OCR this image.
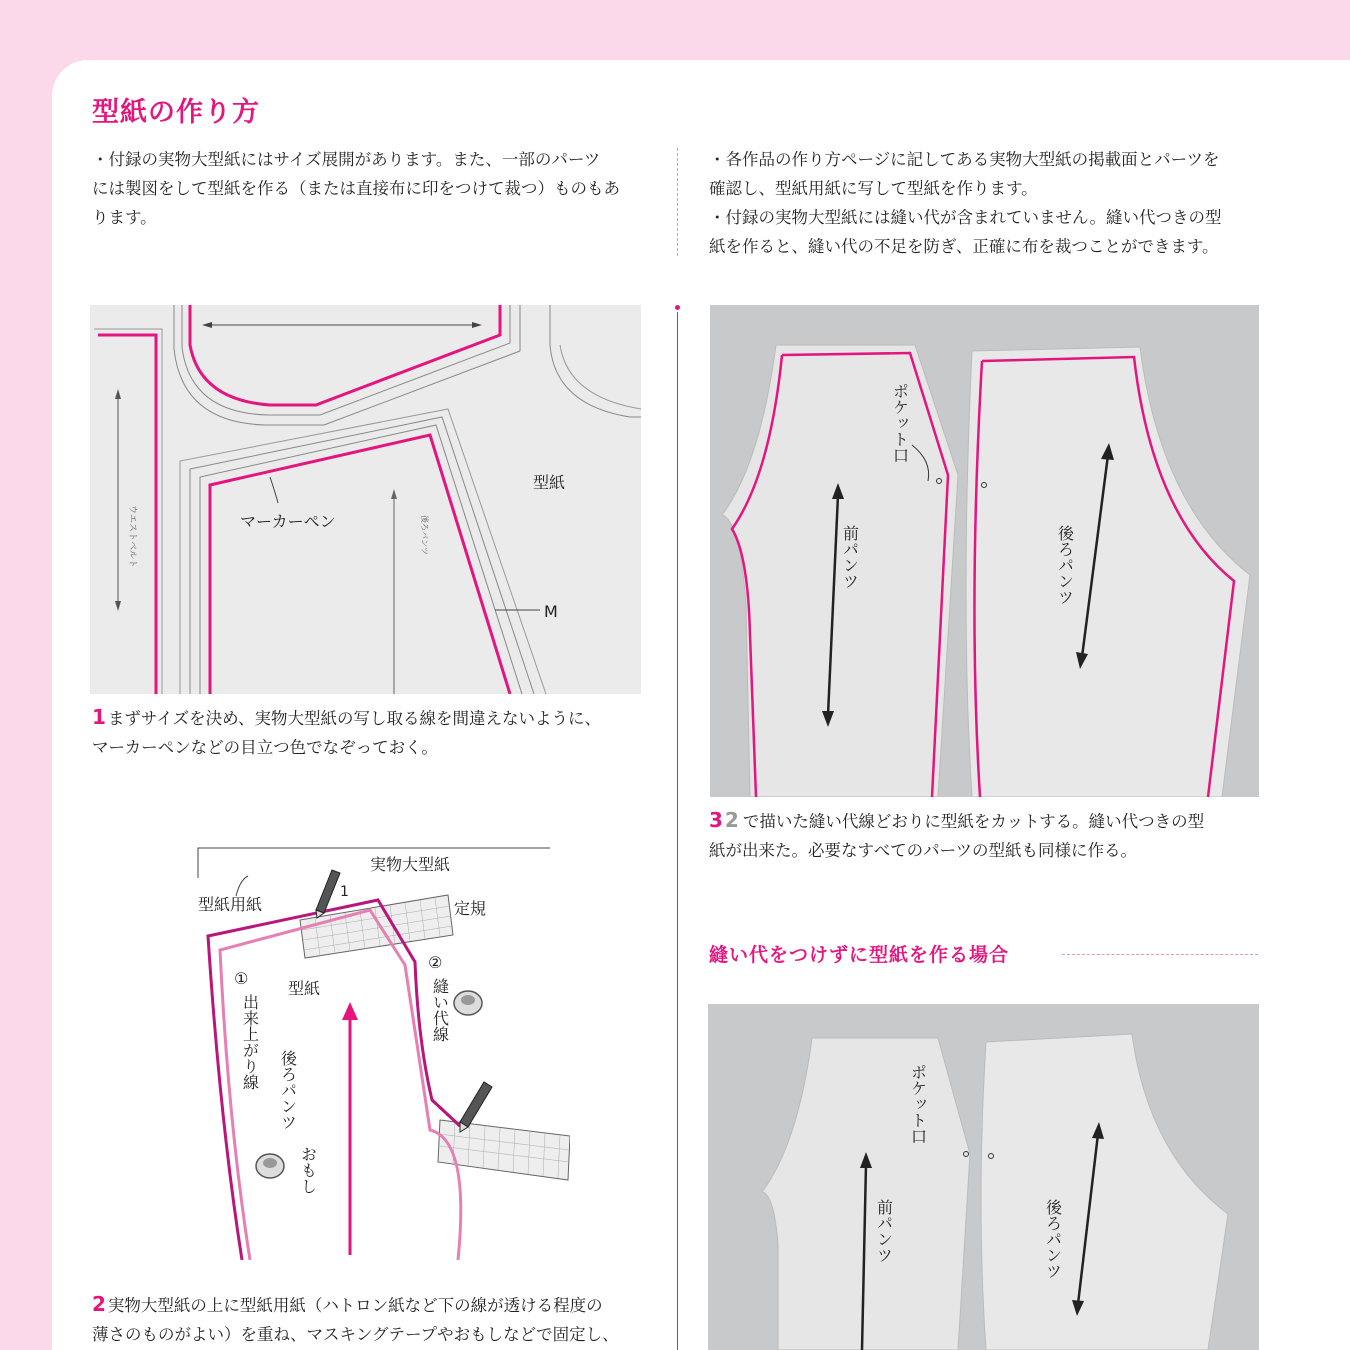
型紙の作り方

・付録の実物大型紙にはサイズ展開があります。また、一部のパーツ

には製図をして型紙を作る（または直接布に印をつけて裁つ）ものもあ

ります。

・各作品の作り方ページに記してある実物大型紙の掲載面とパーツを

確認し、型紙用紙に写して型紙を作ります。

・付録の実物大型紙には縫い代が含まれていません。縫い代つきの型

紙を作ると、縫い代の不足を防ぎ、正確に布を裁つことができます。

ウエストベルト	マーカーペン
型紙
M
後ろパンツ

1 まずサイズを決め、実物大型紙の写し取る線を間違えないように、

マーカーペンなどの目立つ色でなぞっておく。

実物大型紙
型紙用紙	定規
1
型紙
後ろパンツ
おもし
①
出来上がり線
②
縫い代線

2 実物大型紙の上に型紙用紙（ハトロン紙など下の線が透ける程度の

薄さのものがよい）を重ね、マスキングテープやおもしなどで固定し、

ポケット口
前パンツ	後ろパンツ

3 2 で描いた縫い代線どおりに型紙をカットする。縫い代つきの型

紙が出来た。必要なすべてのパーツの型紙も同様に作る。

縫い代をつけずに型紙を作る場合
ポケット口
前パンツ	後ろパンツ
